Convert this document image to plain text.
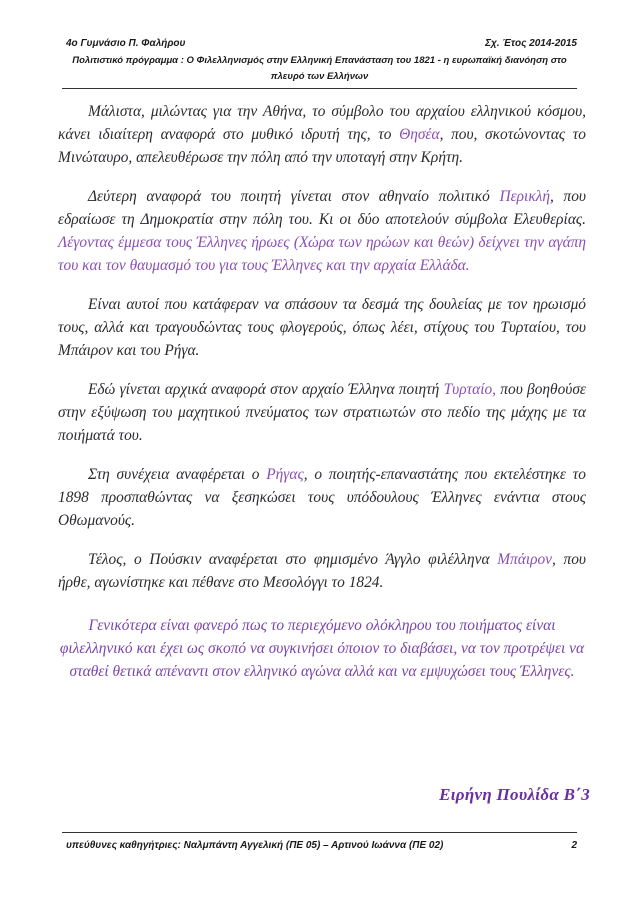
4ο Γυμνάσιο Π. Φαλήρου	Σχ. Έτος 2014-2015
Πολιτιστικό πρόγραμμα : Ο Φιλελληνισμός στην Ελληνική Επανάσταση του 1821 - η ευρωπαϊκή διανόηση στο πλευρό των Ελλήνων

Μάλιστα, μιλώντας για την Αθήνα, το σύμβολο του αρχαίου ελληνικού κόσμου, κάνει ιδιαίτερη αναφορά στο μυθικό ιδρυτή της, το Θησέα, που, σκοτώνοντας το Μινώταυρο, απελευθέρωσε την πόλη από την υποταγή στην Κρήτη.

Δεύτερη αναφορά του ποιητή γίνεται στον αθηναίο πολιτικό Περικλή, που εδραίωσε τη Δημοκρατία στην πόλη του. Κι οι δύο αποτελούν σύμβολα Ελευθερίας. Λέγοντας έμμεσα τους Έλληνες ήρωες (Χώρα των ηρώων και θεών) δείχνει την αγάπη του και τον θαυμασμό του για τους Έλληνες και την αρχαία Ελλάδα.

Είναι αυτοί που κατάφεραν να σπάσουν τα δεσμά της δουλείας με τον ηρωισμό τους, αλλά και τραγουδώντας τους φλογερούς, όπως λέει, στίχους του Τυρταίου, του Μπάιρον και του Ρήγα.

Εδώ γίνεται αρχικά αναφορά στον αρχαίο Έλληνα ποιητή Τυρταίο, που βοηθούσε στην εξύψωση του μαχητικού πνεύματος των στρατιωτών στο πεδίο της μάχης με τα ποιήματά του.

Στη συνέχεια αναφέρεται ο Ρήγας, ο ποιητής-επαναστάτης που εκτελέστηκε το 1898 προσπαθώντας να ξεσηκώσει τους υπόδουλους Έλληνες ενάντια στους Οθωμανούς.

Τέλος, ο Πούσκιν αναφέρεται στο φημισμένο Άγγλο φιλέλληνα Μπάιρον, που ήρθε, αγωνίστηκε και πέθανε στο Μεσολόγγι το 1824.

Γενικότερα είναι φανερό πως το περιεχόμενο ολόκληρου του ποιήματος είναι φιλελληνικό και έχει ως σκοπό να συγκινήσει όποιον το διαβάσει, να τον προτρέψει να σταθεί θετικά απέναντι στον ελληνικό αγώνα αλλά και να εμψυχώσει τους Έλληνες.

Ειρήνη Πουλίδα Β΄3
υπεύθυνες καθηγήτριες: Ναλμπάντη Αγγελική (ΠΕ 05) – Αρτινού Ιωάννα (ΠΕ 02)	2
